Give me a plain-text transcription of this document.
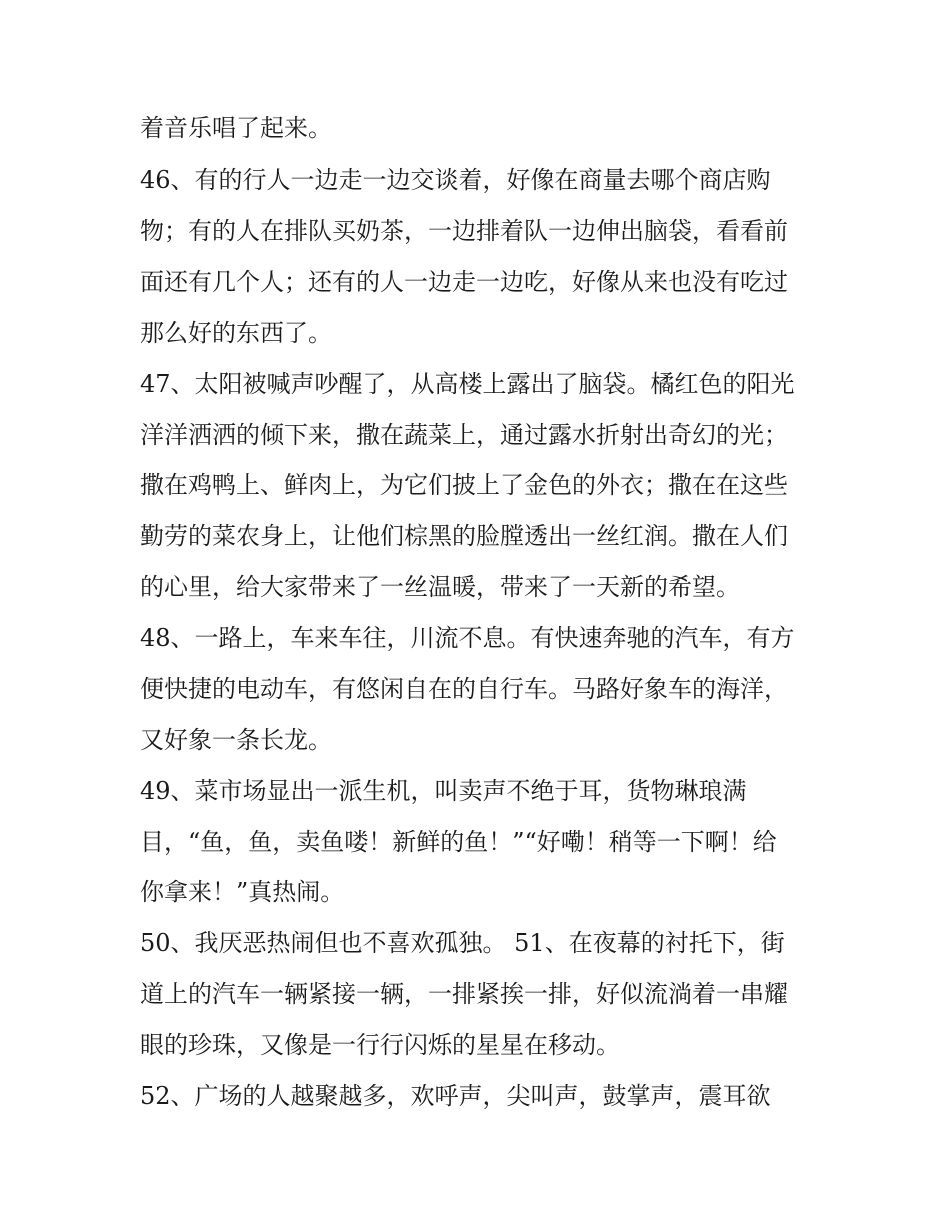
着音乐唱了起来。
46、有的行人一边走一边交谈着，好像在商量去哪个商店购
物；有的人在排队买奶茶，一边排着队一边伸出脑袋，看看前
面还有几个人；还有的人一边走一边吃，好像从来也没有吃过
那么好的东西了。
47、太阳被喊声吵醒了，从高楼上露出了脑袋。橘红色的阳光
洋洋洒洒的倾下来，撒在蔬菜上，通过露水折射出奇幻的光；
撒在鸡鸭上、鲜肉上，为它们披上了金色的外衣；撒在在这些
勤劳的菜农身上，让他们棕黑的脸膛透出一丝红润。撒在人们
的心里，给大家带来了一丝温暖，带来了一天新的希望。
48、一路上，车来车往，川流不息。有快速奔驰的汽车，有方
便快捷的电动车，有悠闲自在的自行车。马路好象车的海洋，
又好象一条长龙。
49、菜市场显出一派生机，叫卖声不绝于耳，货物琳琅满
目，“鱼，鱼，卖鱼喽！新鲜的鱼！”“好嘞！稍等一下啊！给
你拿来！”真热闹。
50、我厌恶热闹但也不喜欢孤独。 51、在夜幕的衬托下，街
道上的汽车一辆紧接一辆，一排紧挨一排，好似流淌着一串耀
眼的珍珠，又像是一行行闪烁的星星在移动。
52、广场的人越聚越多，欢呼声，尖叫声，鼓掌声，震耳欲
